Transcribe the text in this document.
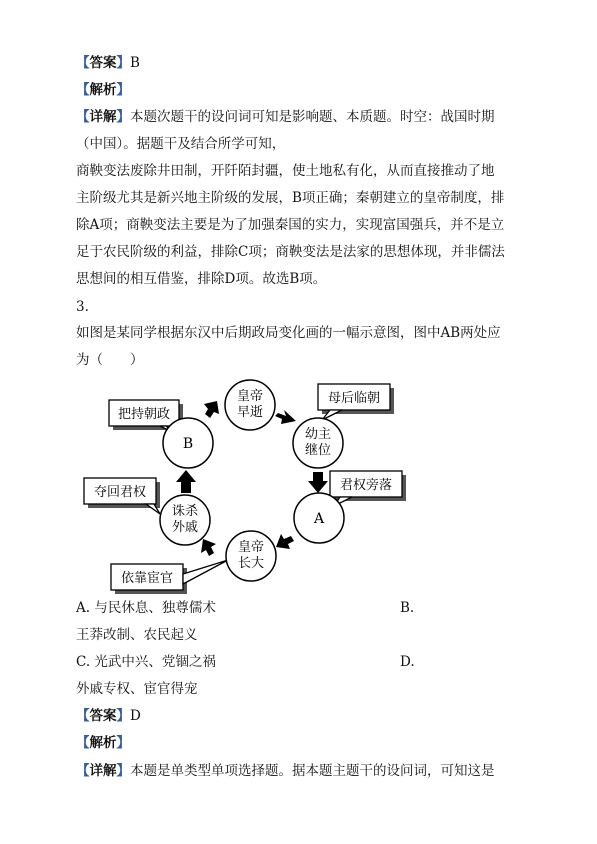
【答案】B
【解析】
【详解】本题次题干的设问词可知是影响题、本质题。时空：战国时期
（中国）。据题干及结合所学可知，
商鞅变法废除井田制，开阡陌封疆，使土地私有化，从而直接推动了地
主阶级尤其是新兴地主阶级的发展，B项正确；秦朝建立的皇帝制度，排
除A项；商鞅变法主要是为了加强秦国的实力，实现富国强兵，并不是立
足于农民阶级的利益，排除C项；商鞅变法是法家的思想体现，并非儒法
思想间的相互借鉴，排除D项。故选B项。
3.
如图是某同学根据东汉中后期政局变化画的一幅示意图，图中AB两处应
为（　　）
把持朝政
母后临朝
君权旁落
夺回君权
依靠宦官
皇帝
早逝
幼主
继位
A
皇帝
长大
诛杀
外戚
B
A. 与民休息、独尊儒术	B.
王莽改制、农民起义
C. 光武中兴、党锢之祸	D.
外戚专权、宦官得宠
【答案】D
【解析】
【详解】本题是单类型单项选择题。据本题主题干的设问词，可知这是
